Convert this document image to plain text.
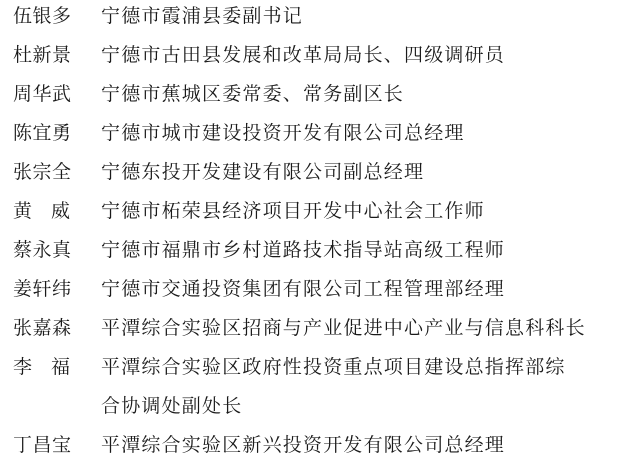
伍银多	宁德市霞浦县委副书记
杜新景	宁德市古田县发展和改革局局长、四级调研员
周华武	宁德市蕉城区委常委、常务副区长
陈宜勇	宁德市城市建设投资开发有限公司总经理
张宗全	宁德东投开发建设有限公司副总经理
黄　威	宁德市柘荣县经济项目开发中心社会工作师
蔡永真	宁德市福鼎市乡村道路技术指导站高级工程师
姜轩纬	宁德市交通投资集团有限公司工程管理部经理
张嘉森	平潭综合实验区招商与产业促进中心产业与信息科科长
李　福	平潭综合实验区政府性投资重点项目建设总指挥部综
合协调处副处长
丁昌宝	平潭综合实验区新兴投资开发有限公司总经理
